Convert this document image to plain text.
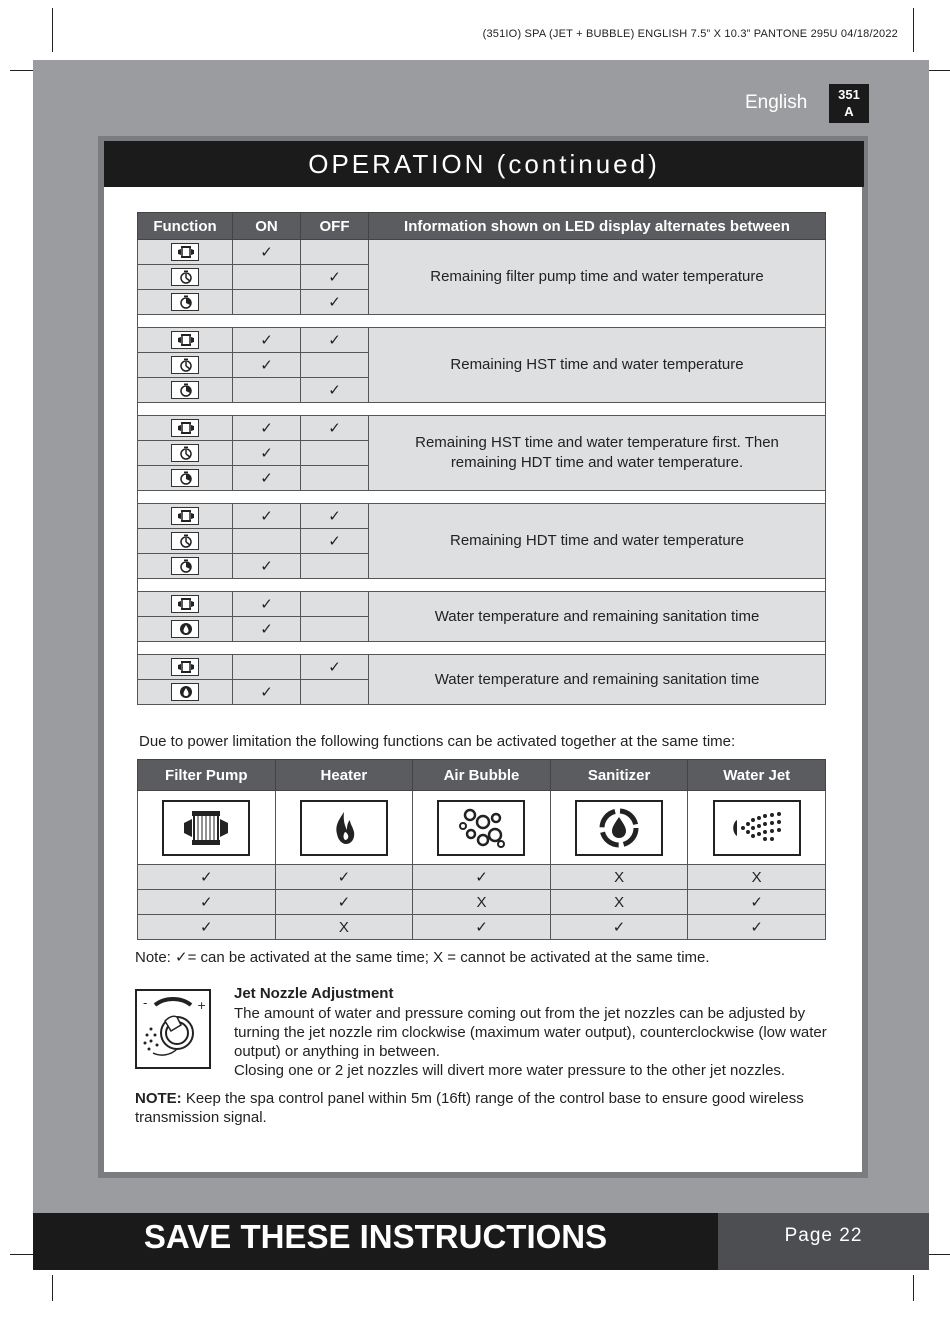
(351IO) SPA (JET + BUBBLE) ENGLISH 7.5” X 10.3” PANTONE 295U 04/18/2022
English	351
A
OPERATION (continued)
Function	ON	OFF	Information shown on LED display alternates between

	✓		Remaining filter pump time and water temperature

		✓	

		✓	

	✓	✓	Remaining HST time and water temperature

	✓		

		✓	

	✓	✓	Remaining HST time and water temperature first. Then remaining HDT time and water temperature.

	✓		

	✓		

	✓	✓	Remaining HDT time and water temperature

		✓	

	✓		

	✓		Water temperature and remaining sanitation time

	✓		

		✓	Water temperature and remaining sanitation time

	✓		
Due to power limitation the following functions can be activated together at the same time:
Filter Pump	Heater	Air Bubble	Sanitizer	Water Jet

✓	✓	✓	X	X
✓	✓	X	X	✓
✓	X	✓	✓	✓
Note: ✓= can be activated at the same time; X = cannot be activated at the same time.
-	+
Jet Nozzle Adjustment
The amount of water and pressure coming out from the jet nozzles can be adjusted by turning the jet nozzle rim clockwise (maximum water output), counterclockwise (low water output) or anything in between.
Closing one or 2 jet nozzles will divert more water pressure to the other jet nozzles.
NOTE: Keep the spa control panel within 5m (16ft) range of the control base to ensure good wireless transmission signal.
SAVE THESE INSTRUCTIONS	Page 22
